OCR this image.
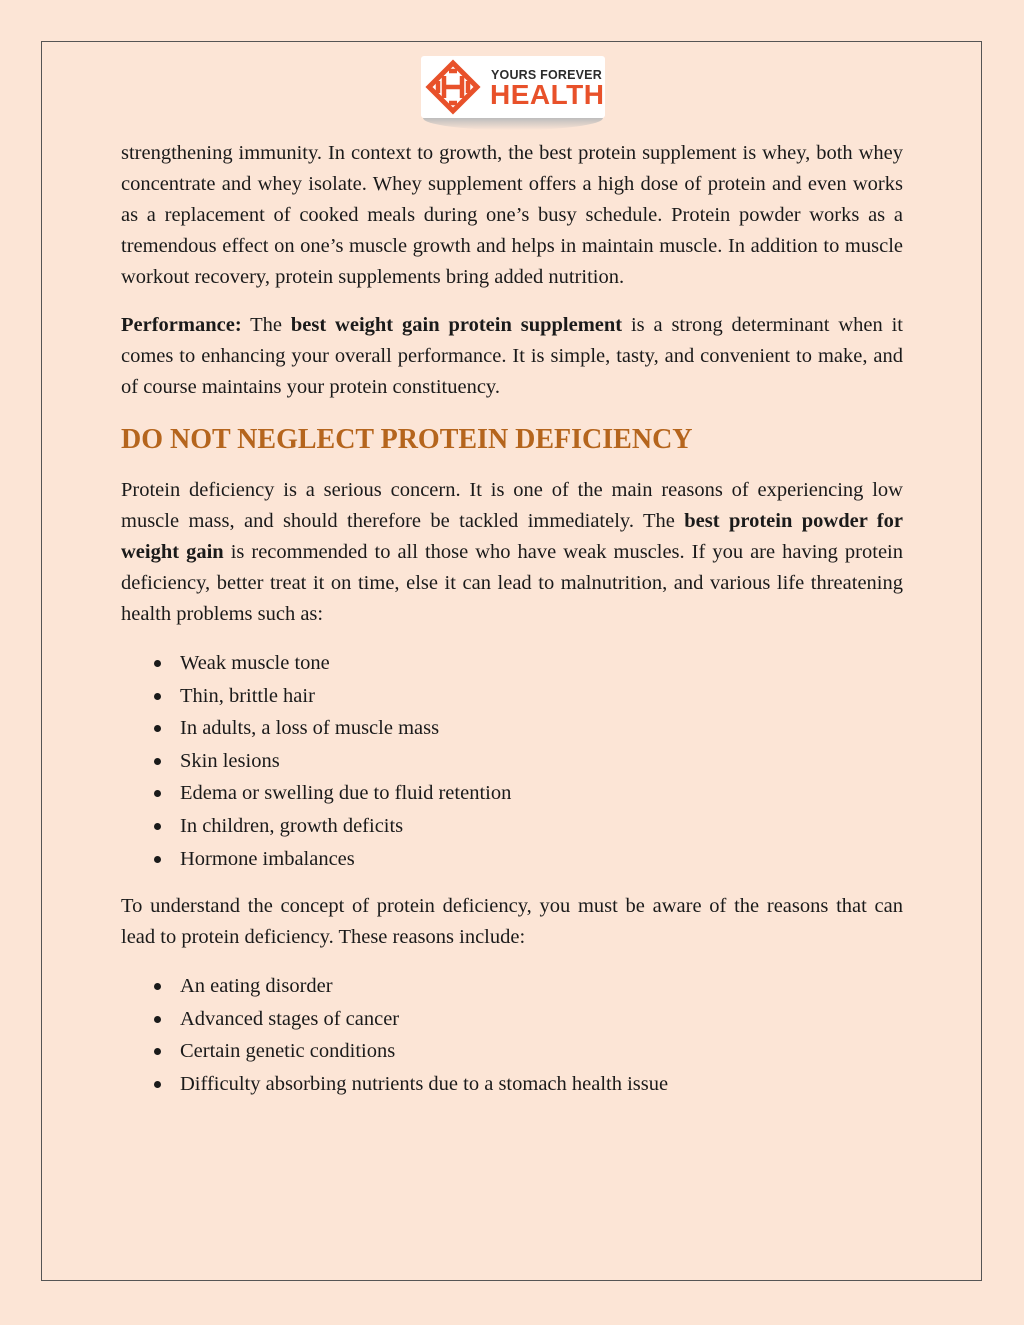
YOURS FOREVER
HEALTH

strengthening immunity. In context to growth, the best protein supplement is whey, both whey concentrate and whey isolate. Whey supplement offers a high dose of protein and even works as a replacement of cooked meals during one’s busy schedule. Protein powder works as a tremendous effect on one’s muscle growth and helps in maintain muscle. In addition to muscle workout recovery, protein supplements bring added nutrition.

Performance: The best weight gain protein supplement is a strong determinant when it comes to enhancing your overall performance. It is simple, tasty, and convenient to make, and of course maintains your protein constituency.

DO NOT NEGLECT PROTEIN DEFICIENCY

Protein deficiency is a serious concern. It is one of the main reasons of experiencing low muscle mass, and should therefore be tackled immediately. The best protein powder for weight gain is recommended to all those who have weak muscles. If you are having protein deficiency, better treat it on time, else it can lead to malnutrition, and various life threatening health problems such as:

Weak muscle tone
Thin, brittle hair
In adults, a loss of muscle mass
Skin lesions
Edema or swelling due to fluid retention
In children, growth deficits
Hormone imbalances

To understand the concept of protein deficiency, you must be aware of the reasons that can lead to protein deficiency. These reasons include:

An eating disorder
Advanced stages of cancer
Certain genetic conditions
Difficulty absorbing nutrients due to a stomach health issue
